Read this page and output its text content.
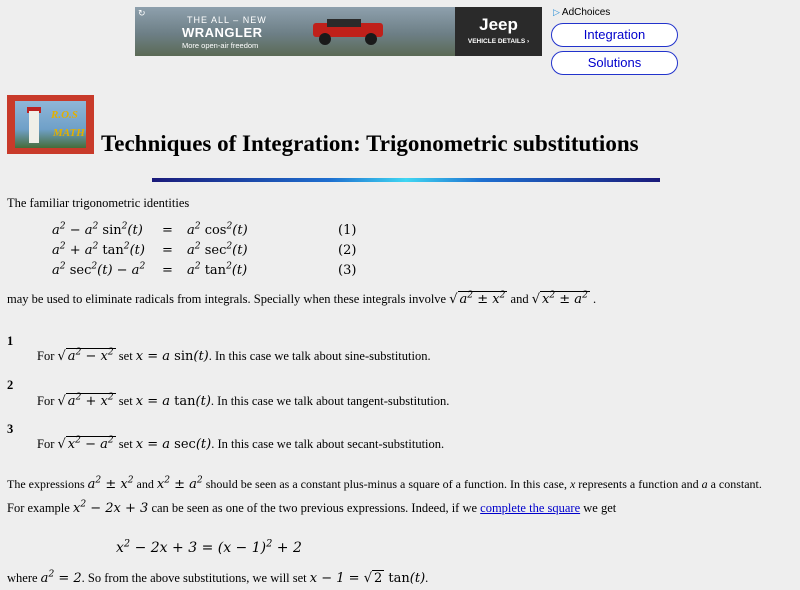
↻
THE ALL – NEW
WRANGLER
More open-air freedom
Jeep
VEHICLE DETAILS ›
▷ AdChoices
Integration
Solutions
R.O.S
MATH Techniques of Integration: Trigonometric substitutions
The familiar trigonometric identities
$a^2 - a^2$ $\sin^2(t) = a^2$ $\cos^2(t)$
$a^2 + a^2$ $\tan^2(t) = a^2$ $\sec^2(t)$
$a^2$ $\sec^2(t) - a^2 = a^2$ $\tan^2(t)$
(1)
(2)
(3)
may be used to eliminate radicals from integrals. Specially when these integrals involve √ $a^2 \pm x^2$ and √ $x^2 \pm a^2$ .
1
For √ $a^2 - x^2$ set x = a sin(t). In this case we talk about sine-substitution.
2
For √ $a^2 + x^2$ set x = a tan(t). In this case we talk about tangent-substitution.
3
For √ $x^2 - a^2$ set x = a sec(t). In this case we talk about secant-substitution.
The expressions $a^2 \pm x^2$ and $x^2 \pm a^2$ should be seen as a constant plus-minus a square of a function. In this case, x represents a function and a a constant.
For example $x^2 - 2x + 3$ can be seen as one of the two previous expressions. Indeed, if we complete the square we get
$x^2 - 2x + 3 = (x - 1)^2 + 2$
where $a^2 = 2$. So from the above substitutions, we will set x − 1 = √ 2 tan(t).
